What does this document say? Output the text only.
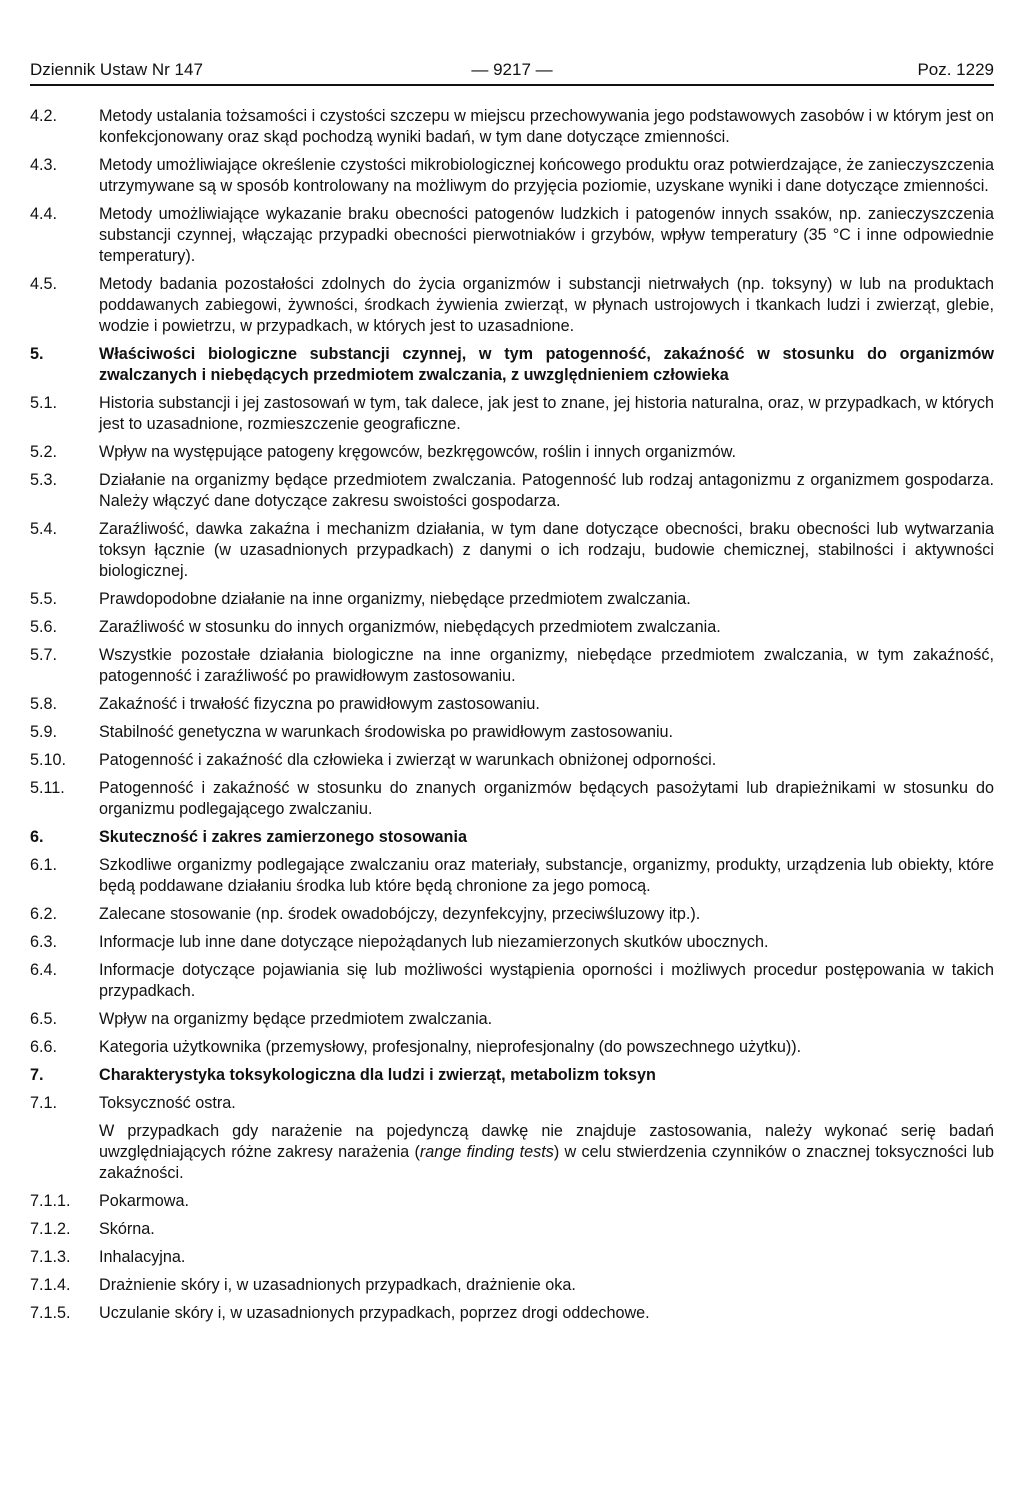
Dziennik Ustaw Nr 147	— 9217 —	Poz. 1229
4.2.	Metody ustalania tożsamości i czystości szczepu w miejscu przechowywania jego podstawowych zasobów i w którym jest on konfekcjonowany oraz skąd pochodzą wyniki badań, w tym dane dotyczące zmienności.
4.3.	Metody umożliwiające określenie czystości mikrobiologicznej końcowego produktu oraz potwierdzające, że zanieczyszczenia utrzymywane są w sposób kontrolowany na możliwym do przyjęcia poziomie, uzyskane wyniki i dane dotyczące zmienności.
4.4.	Metody umożliwiające wykazanie braku obecności patogenów ludzkich i patogenów innych ssaków, np. zanieczyszczenia substancji czynnej, włączając przypadki obecności pierwotniaków i grzybów, wpływ temperatury (35 °C i inne odpowiednie temperatury).
4.5.	Metody badania pozostałości zdolnych do życia organizmów i substancji nietrwałych (np. toksyny) w lub na produktach poddawanych zabiegowi, żywności, środkach żywienia zwierząt, w płynach ustrojowych i tkankach ludzi i zwierząt, glebie, wodzie i powietrzu, w przypadkach, w których jest to uzasadnione.
5.	Właściwości biologiczne substancji czynnej, w tym patogenność, zakaźność w stosunku do organizmów zwalczanych i niebędących przedmiotem zwalczania, z uwzględnieniem człowieka
5.1.	Historia substancji i jej zastosowań w tym, tak dalece, jak jest to znane, jej historia naturalna, oraz, w przypadkach, w których jest to uzasadnione, rozmieszczenie geograficzne.
5.2.	Wpływ na występujące patogeny kręgowców, bezkręgowców, roślin i innych organizmów.
5.3.	Działanie na organizmy będące przedmiotem zwalczania. Patogenność lub rodzaj antagonizmu z organizmem gospodarza. Należy włączyć dane dotyczące zakresu swoistości gospodarza.
5.4.	Zaraźliwość, dawka zakaźna i mechanizm działania, w tym dane dotyczące obecności, braku obecności lub wytwarzania toksyn łącznie (w uzasadnionych przypadkach) z danymi o ich rodzaju, budowie chemicznej, stabilności i aktywności biologicznej.
5.5.	Prawdopodobne działanie na inne organizmy, niebędące przedmiotem zwalczania.
5.6.	Zaraźliwość w stosunku do innych organizmów, niebędących przedmiotem zwalczania.
5.7.	Wszystkie pozostałe działania biologiczne na inne organizmy, niebędące przedmiotem zwalczania, w tym zakaźność, patogenność i zaraźliwość po prawidłowym zastosowaniu.
5.8.	Zakaźność i trwałość fizyczna po prawidłowym zastosowaniu.
5.9.	Stabilność genetyczna w warunkach środowiska po prawidłowym zastosowaniu.
5.10.	Patogenność i zakaźność dla człowieka i zwierząt w warunkach obniżonej odporności.
5.11.	Patogenność i zakaźność w stosunku do znanych organizmów będących pasożytami lub drapieżnikami w stosunku do organizmu podlegającego zwalczaniu.
6.	Skuteczność i zakres zamierzonego stosowania
6.1.	Szkodliwe organizmy podlegające zwalczaniu oraz materiały, substancje, organizmy, produkty, urządzenia lub obiekty, które będą poddawane działaniu środka lub które będą chronione za jego pomocą.
6.2.	Zalecane stosowanie (np. środek owadobójczy, dezynfekcyjny, przeciwśluzowy itp.).
6.3.	Informacje lub inne dane dotyczące niepożądanych lub niezamierzonych skutków ubocznych.
6.4.	Informacje dotyczące pojawiania się lub możliwości wystąpienia oporności i możliwych procedur postępowania w takich przypadkach.
6.5.	Wpływ na organizmy będące przedmiotem zwalczania.
6.6.	Kategoria użytkownika (przemysłowy, profesjonalny, nieprofesjonalny (do powszechnego użytku)).
7.	Charakterystyka toksykologiczna dla ludzi i zwierząt, metabolizm toksyn
7.1.	Toksyczność ostra.
W przypadkach gdy narażenie na pojedynczą dawkę nie znajduje zastosowania, należy wykonać serię badań uwzględniających różne zakresy narażenia (range finding tests) w celu stwierdzenia czynników o znacznej toksyczności lub zakaźności.
7.1.1.	Pokarmowa.
7.1.2.	Skórna.
7.1.3.	Inhalacyjna.
7.1.4.	Drażnienie skóry i, w uzasadnionych przypadkach, drażnienie oka.
7.1.5.	Uczulanie skóry i, w uzasadnionych przypadkach, poprzez drogi oddechowe.
